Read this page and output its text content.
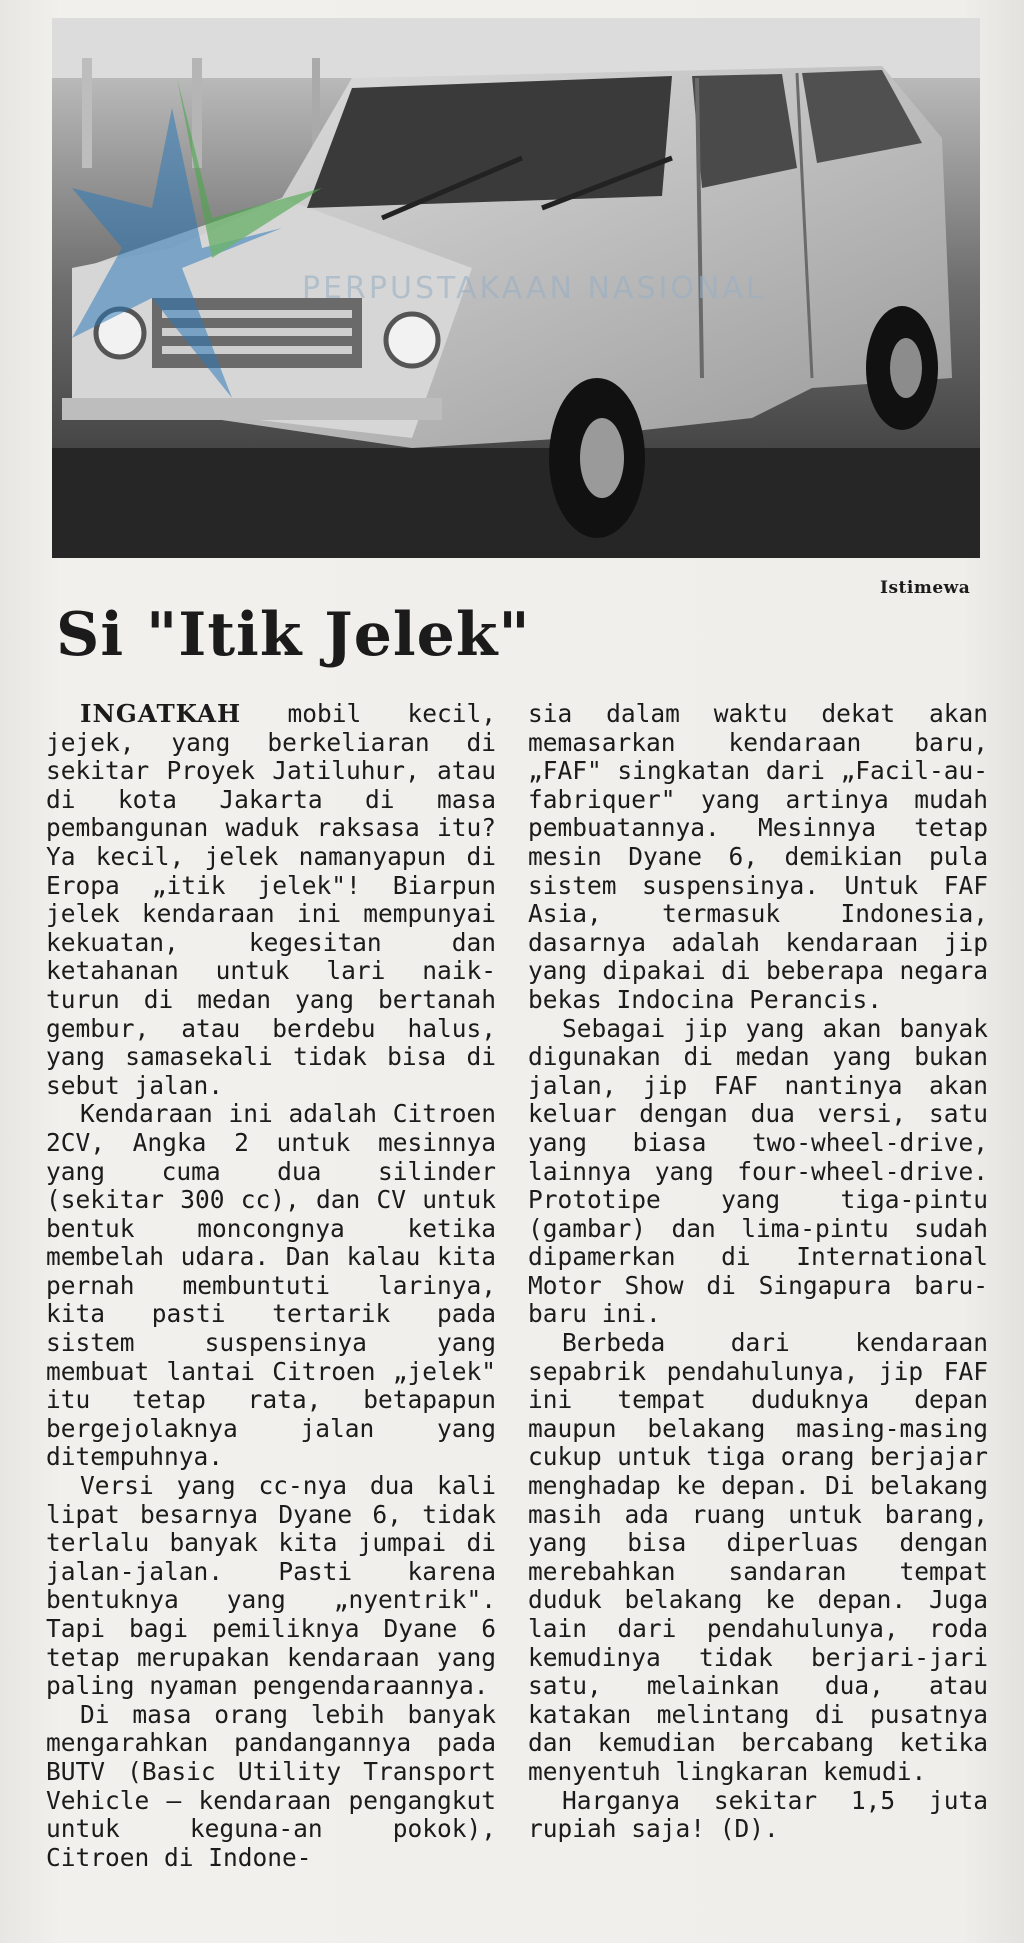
PERPUSTAKAAN NASIONAL
Istimewa
Si "Itik Jelek"

INGATKAH mobil kecil, jejek, yang berkeliaran di sekitar Proyek Jatiluhur, atau di kota Jakarta di masa pembangunan waduk raksasa itu? Ya kecil, jelek namanyapun di Eropa „itik jelek"! Biarpun jelek kendaraan ini mempunyai kekuatan, kegesitan dan ketahanan untuk lari naik-turun di medan yang bertanah gembur, atau berdebu halus, yang samasekali tidak bisa di sebut jalan.

Kendaraan ini adalah Citroen 2CV, Angka 2 untuk mesinnya yang cuma dua silinder (sekitar 300 cc), dan CV untuk bentuk moncongnya ketika membelah udara. Dan kalau kita pernah membuntuti larinya, kita pasti tertarik pada sistem suspensinya yang membuat lantai Citroen „jelek" itu tetap rata, betapapun bergejolaknya jalan yang ditempuhnya.

Versi yang cc-nya dua kali lipat besarnya Dyane 6, tidak terlalu banyak kita jumpai di jalan-jalan. Pasti karena bentuknya yang „nyentrik". Tapi bagi pemiliknya Dyane 6 tetap merupakan kendaraan yang paling nyaman pengendaraannya.

Di masa orang lebih banyak mengarahkan pandangannya pada BUTV (Basic Utility Transport Vehicle — kendaraan pengangkut untuk keguna-an pokok), Citroen di Indone-

sia dalam waktu dekat akan memasarkan kendaraan baru, „FAF" singkatan dari „Facil-au-fabriquer" yang artinya mudah pembuatannya. Mesinnya tetap mesin Dyane 6, demikian pula sistem suspensinya. Untuk FAF Asia, termasuk Indonesia, dasarnya adalah kendaraan jip yang dipakai di beberapa negara bekas Indocina Perancis.

Sebagai jip yang akan banyak digunakan di medan yang bukan jalan, jip FAF nantinya akan keluar dengan dua versi, satu yang biasa two-wheel-drive, lainnya yang four-wheel-drive. Prototipe yang tiga-pintu (gambar) dan lima-pintu sudah dipamerkan di International Motor Show di Singapura baru-baru ini.

Berbeda dari kendaraan sepabrik pendahulunya, jip FAF ini tempat duduknya depan maupun belakang masing-masing cukup untuk tiga orang berjajar menghadap ke depan. Di belakang masih ada ruang untuk barang, yang bisa diperluas dengan merebahkan sandaran tempat duduk belakang ke depan. Juga lain dari pendahulunya, roda kemudinya tidak berjari-jari satu, melainkan dua, atau katakan melintang di pusatnya dan kemudian bercabang ketika menyentuh lingkaran kemudi.

Harganya sekitar 1,5 juta rupiah saja! (D).
